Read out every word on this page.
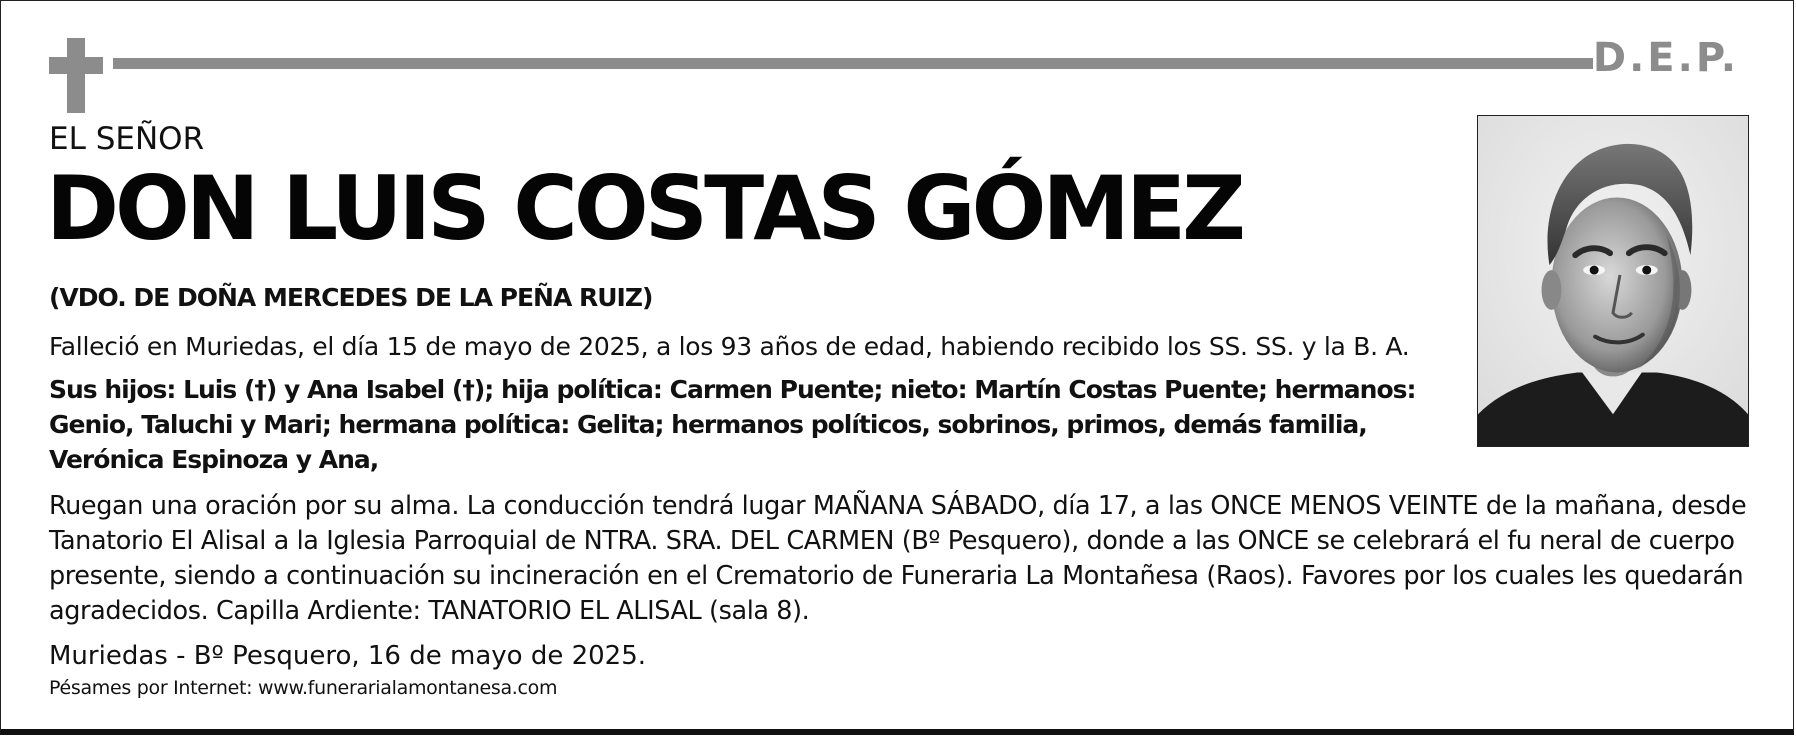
D.E.P.
EL SEÑOR
DON LUIS COSTAS GÓMEZ
(VDO. DE DOÑA MERCEDES DE LA PEÑA RUIZ)
Falleció en Muriedas, el día 15 de mayo de 2025, a los 93 años de edad, habiendo recibido los SS. SS. y la B. A.
Sus hijos: Luis (†) y Ana Isabel (†); hija política: Carmen Puente; nieto: Martín Costas Puente; hermanos: Genio, Taluchi y Mari; hermana política: Gelita; hermanos políticos, sobrinos, primos, demás familia, Verónica Espinoza y Ana,
Ruegan una oración por su alma. La conducción tendrá lugar MAÑANA SÁBADO, día 17, a las ONCE MENOS VEINTE de la mañana, desde Tanatorio El Alisal a la Iglesia Parroquial de NTRA. SRA. DEL CARMEN (Bº Pesquero), donde a las ONCE se celebrará el fu neral de cuerpo presente, siendo a continuación su incineración en el Crematorio de Funeraria La Montañesa (Raos). Favores por los cuales les quedarán agradecidos. Capilla Ardiente: TANATORIO EL ALISAL (sala 8).
Muriedas - Bº Pesquero, 16 de mayo de 2025.
Pésames por Internet: www.funerarialamontanesa.com
